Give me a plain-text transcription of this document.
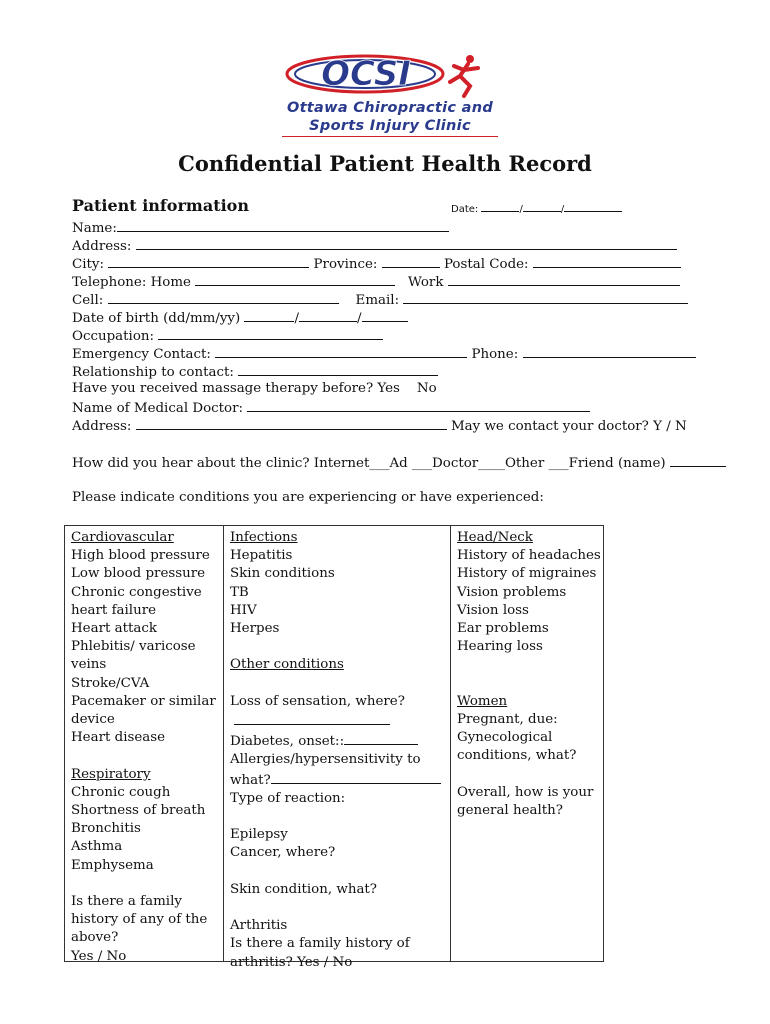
OCSI
Ottawa Chiropractic and
Sports Injury Clinic
Confidential Patient Health Record
Patient information	Date:	/	/
Name:
Address:
City:	Province:	Postal Code:
Telephone: Home	Work
Cell:	Email:
Date of birth (dd/mm/yy)	/	/
Occupation:
Emergency Contact:	Phone:
Relationship to contact:
Have you received massage therapy before? Yes No
Name of Medical Doctor:
Address:	May we contact your doctor? Y / N
How did you hear about the clinic? Internet___Ad ___Doctor____Other ___Friend (name)
Please indicate conditions you are experiencing or have experienced:
Cardiovascular
High blood pressure
Low blood pressure
Chronic congestive
heart failure
Heart attack
Phlebitis/ varicose
veins
Stroke/CVA
Pacemaker or similar
device
Heart disease
Respiratory
Chronic cough
Shortness of breath
Bronchitis
Asthma
Emphysema
Is there a family
history of any of the
above?
Yes / No
Infections
Hepatitis
Skin conditions
TB
HIV
Herpes
Other conditions
Loss of sensation, where?
Diabetes, onset::
Allergies/hypersensitivity to
what?
Type of reaction:
Epilepsy
Cancer, where?
Skin condition, what?
Arthritis
Is there a family history of
arthritis? Yes / No
Head/Neck
History of headaches
History of migraines
Vision problems
Vision loss
Ear problems
Hearing loss
Women
Pregnant, due:
Gynecological
conditions, what?
Overall, how is your
general health?
